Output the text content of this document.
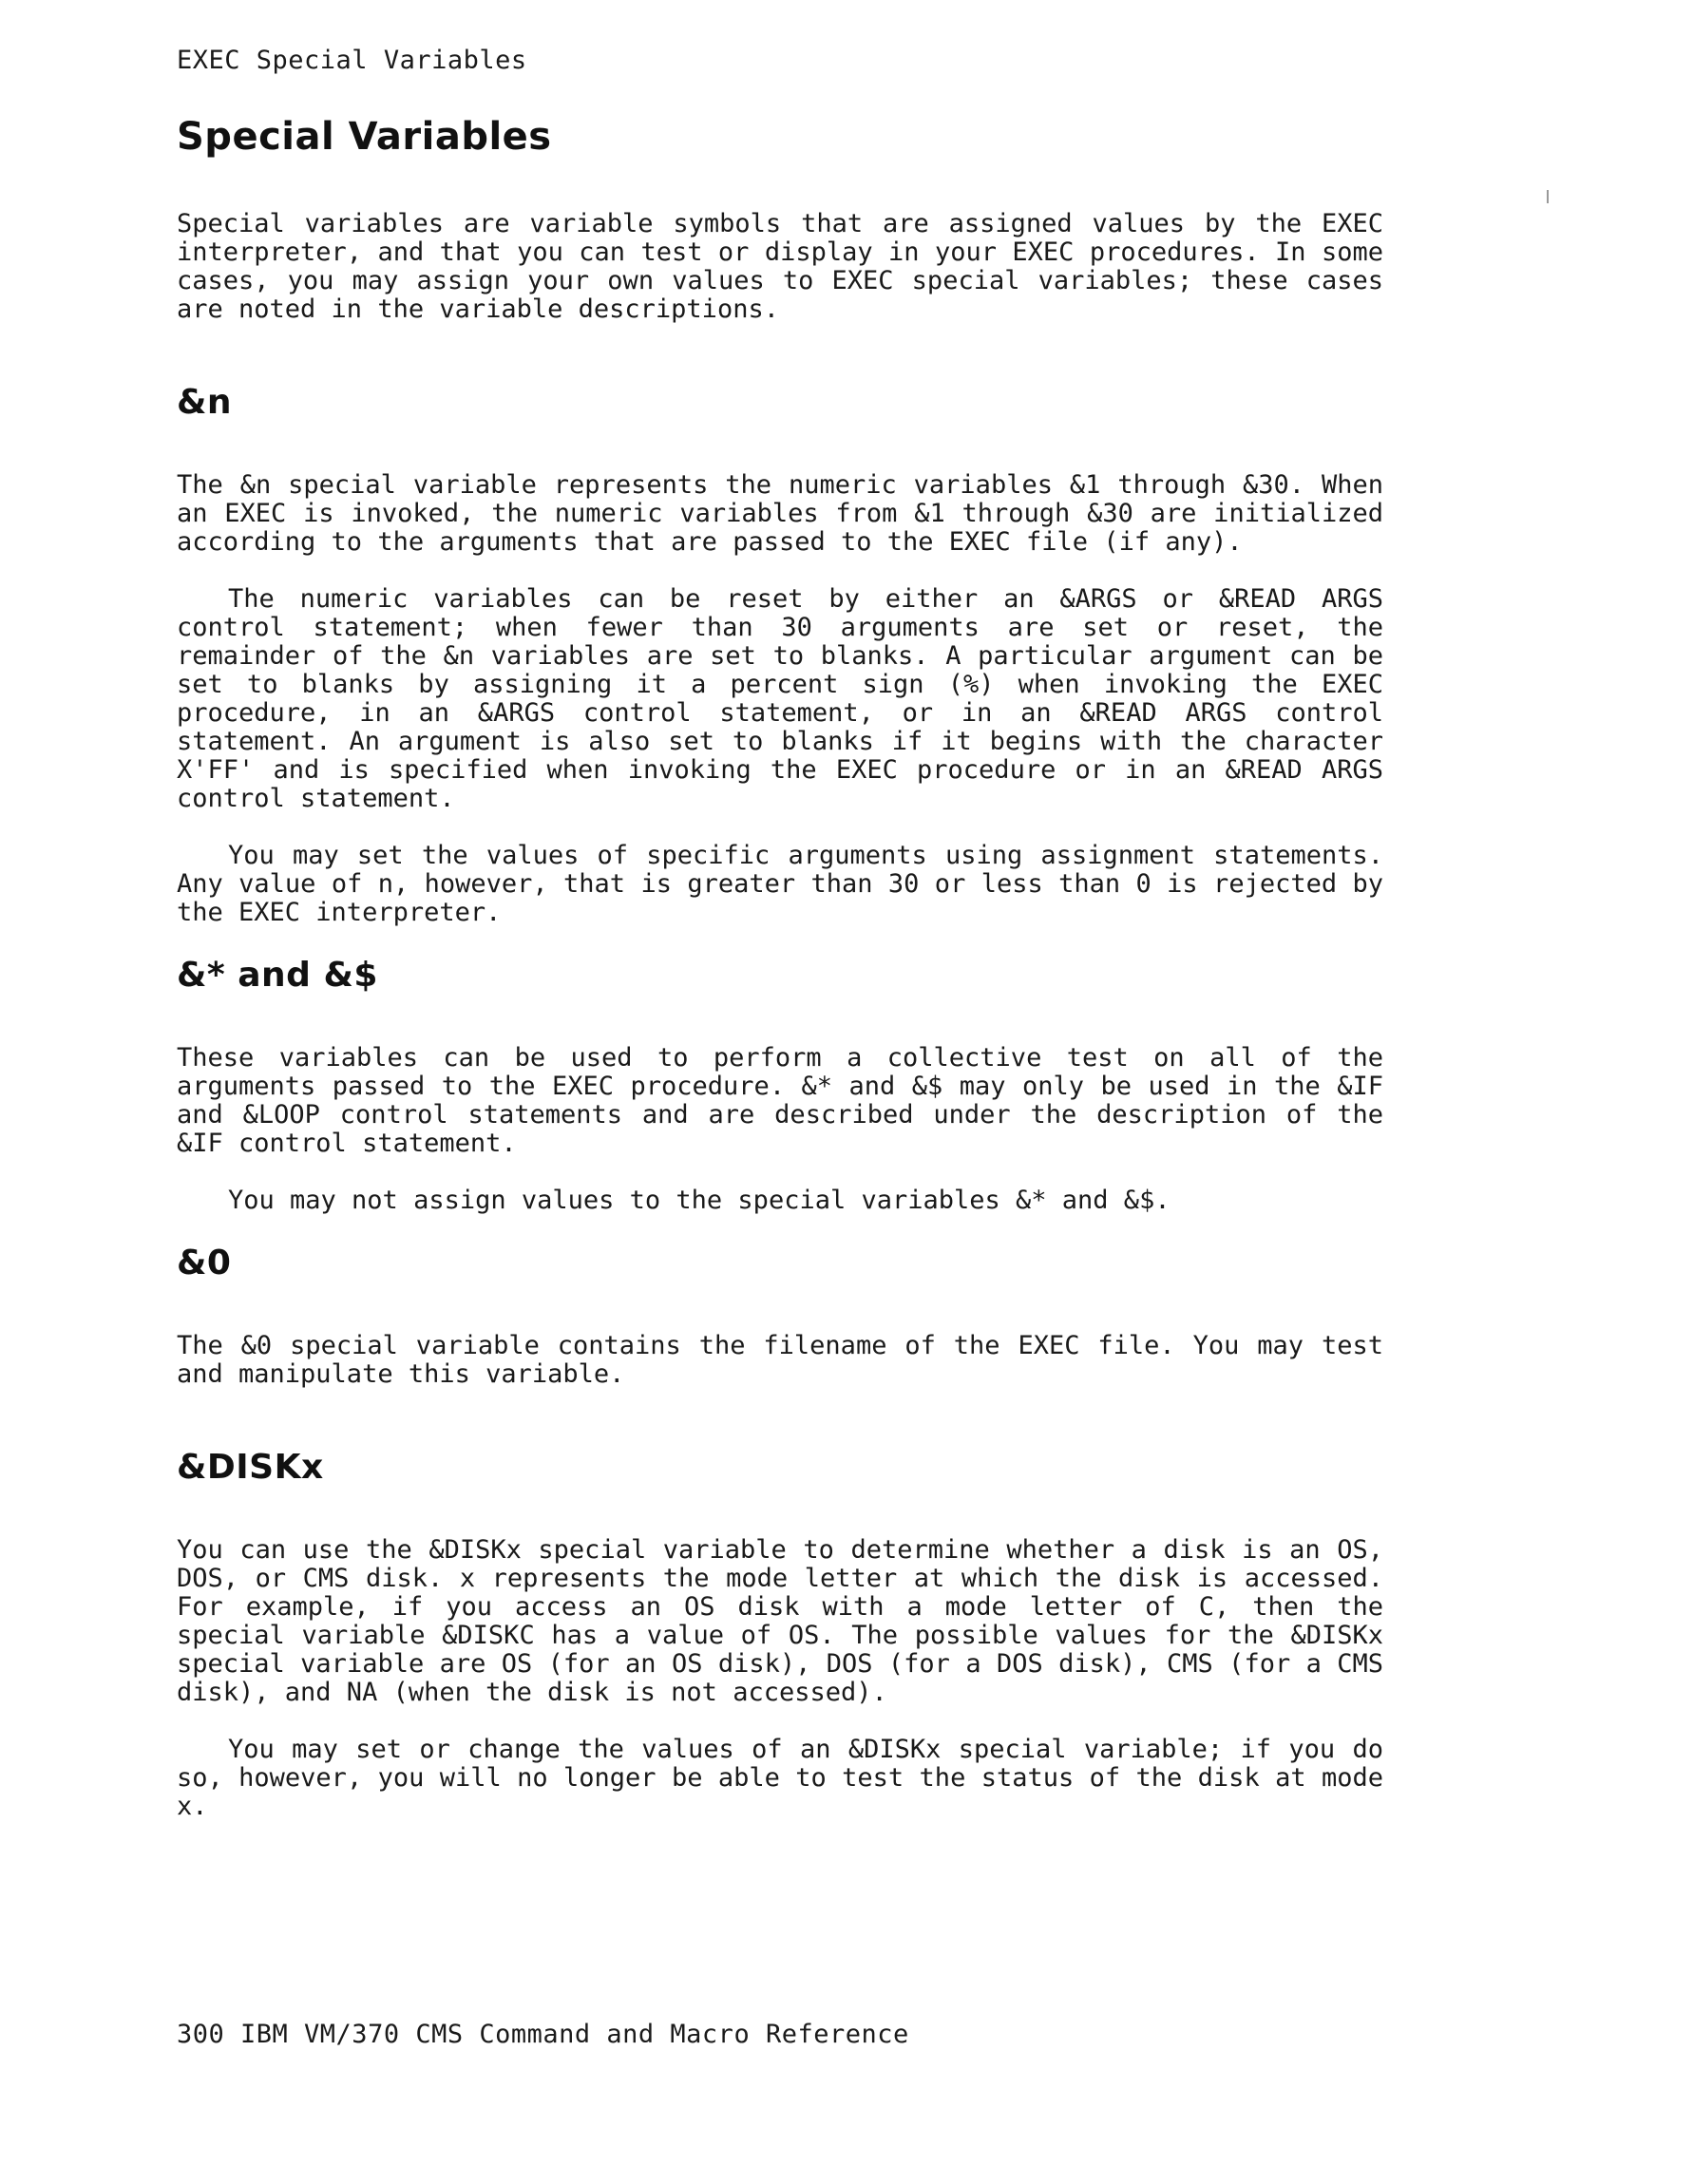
EXEC Special Variables
Special Variables

Special variables are variable symbols that are assigned values by the EXEC interpreter, and that you can test or display in your EXEC procedures. In some cases, you may assign your own values to EXEC special variables; these cases are noted in the variable descriptions.

&n

The &n special variable represents the numeric variables &1 through &30. When an EXEC is invoked, the numeric variables from &1 through &30 are initialized according to the arguments that are passed to the EXEC file (if any).

The numeric variables can be reset by either an &ARGS or &READ ARGS control statement; when fewer than 30 arguments are set or reset, the remainder of the &n variables are set to blanks. A particular argument can be set to blanks by assigning it a percent sign (%) when invoking the EXEC procedure, in an &ARGS control statement, or in an &READ ARGS control statement. An argument is also set to blanks if it begins with the character X'FF' and is specified when invoking the EXEC procedure or in an &READ ARGS control statement.

You may set the values of specific arguments using assignment statements. Any value of n, however, that is greater than 30 or less than 0 is rejected by the EXEC interpreter.

&* and &$

These variables can be used to perform a collective test on all of the arguments passed to the EXEC procedure. &* and &$ may only be used in the &IF and &LOOP control statements and are described under the description of the &IF control statement.

You may not assign values to the special variables &* and &$.

&0

The &0 special variable contains the filename of the EXEC file. You may test and manipulate this variable.

&DISKx

You can use the &DISKx special variable to determine whether a disk is an OS, DOS, or CMS disk. x represents the mode letter at which the disk is accessed. For example, if you access an OS disk with a mode letter of C, then the special variable &DISKC has a value of OS. The possible values for the &DISKx special variable are OS (for an OS disk), DOS (for a DOS disk), CMS (for a CMS disk), and NA (when the disk is not accessed).

You may set or change the values of an &DISKx special variable; if you do so, however, you will no longer be able to test the status of the disk at mode x.

300 IBM VM/370 CMS Command and Macro Reference
